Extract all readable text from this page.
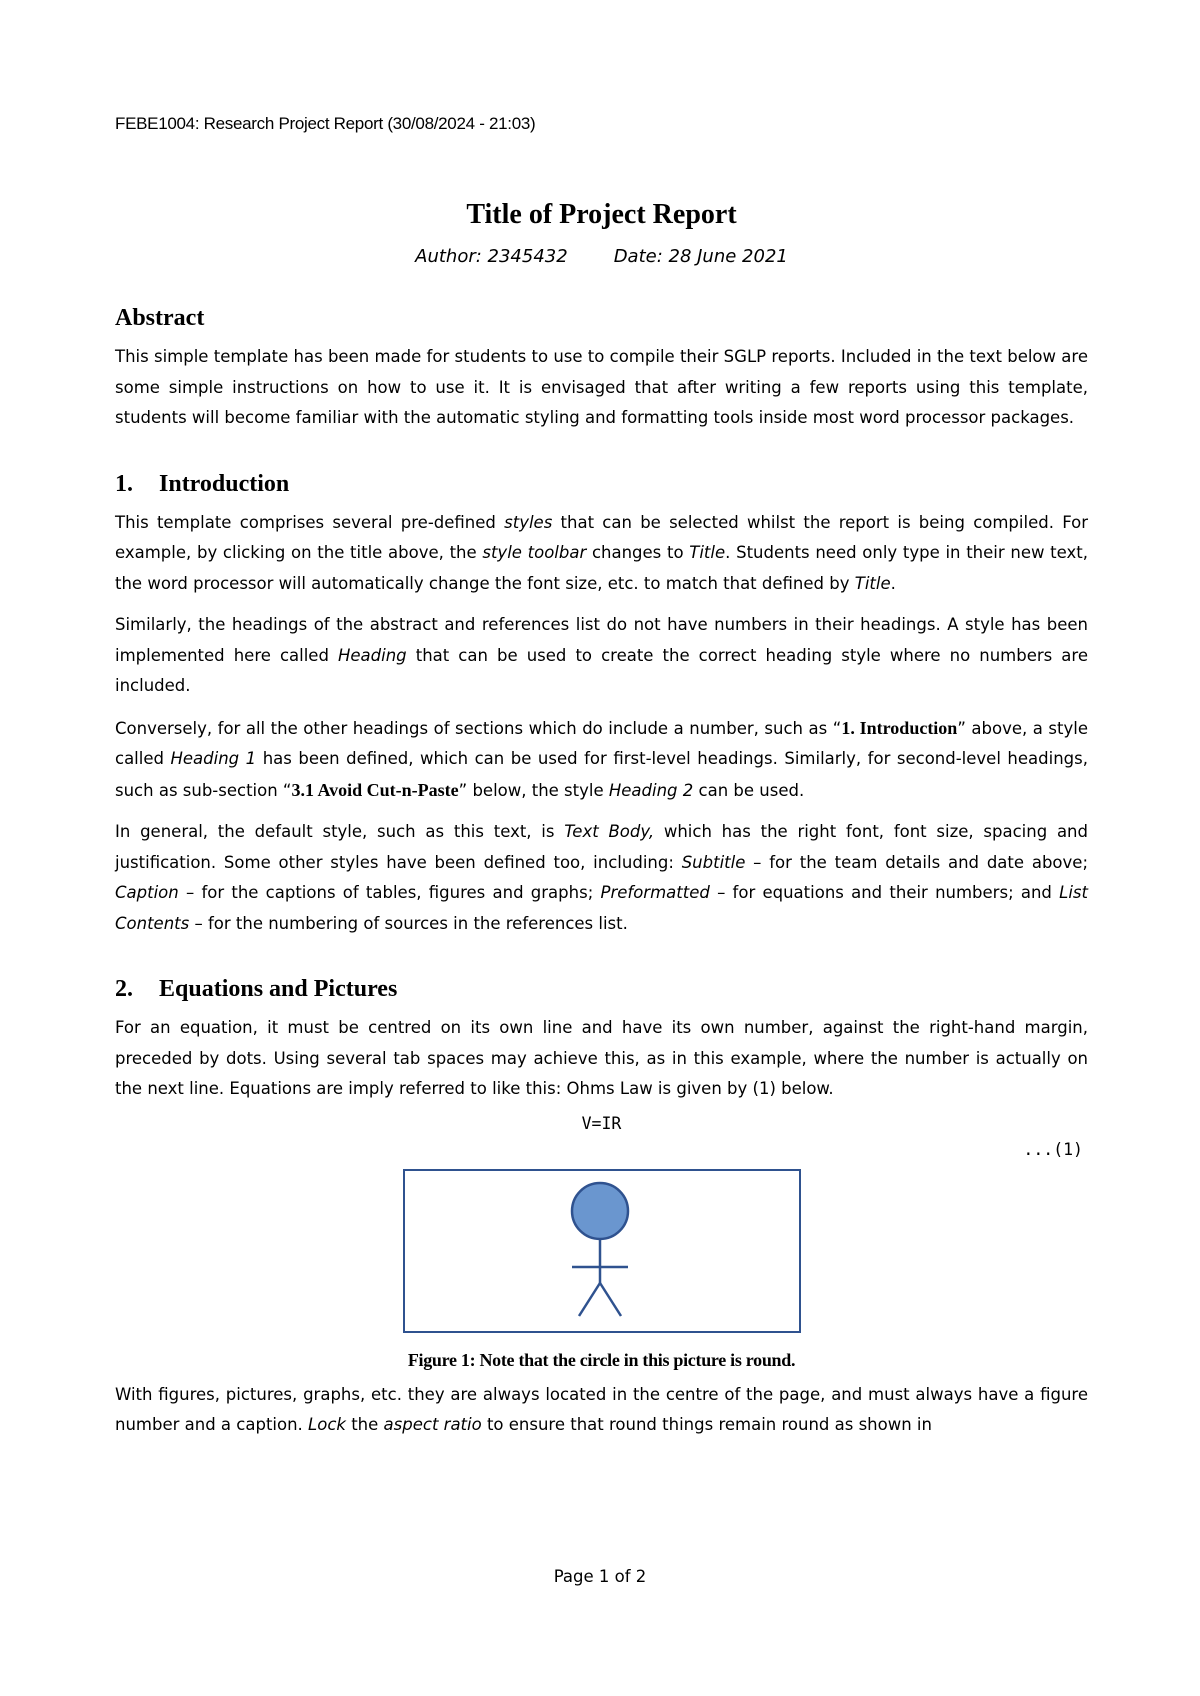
FEBE1004: Research Project Report (30/08/2024 - 21:03)
Title of Project Report
Author: 2345432	Date: 28 June 2021
Abstract

This simple template has been made for students to use to compile their SGLP reports. Included in the text below are some simple instructions on how to use it. It is envisaged that after writing a few reports using this template, students will become familiar with the automatic styling and formatting tools inside most word processor packages.

1. Introduction

This template comprises several pre-defined styles that can be selected whilst the report is being compiled. For example, by clicking on the title above, the style toolbar changes to Title. Students need only type in their new text, the word processor will automatically change the font size, etc. to match that defined by Title.

Similarly, the headings of the abstract and references list do not have numbers in their headings. A style has been implemented here called Heading that can be used to create the correct heading style where no numbers are included.

Conversely, for all the other headings of sections which do include a number, such as “1. Introduction” above, a style called Heading 1 has been defined, which can be used for first-level headings. Similarly, for second-level headings, such as sub-section “3.1 Avoid Cut-n-Paste” below, the style Heading 2 can be used.

In general, the default style, such as this text, is Text Body, which has the right font, font size, spacing and justification. Some other styles have been defined too, including: Subtitle – for the team details and date above; Caption – for the captions of tables, figures and graphs; Preformatted – for equations and their numbers; and List Contents – for the numbering of sources in the references list.

2. Equations and Pictures

For an equation, it must be centred on its own line and have its own number, against the right-hand margin, preceded by dots. Using several tab spaces may achieve this, as in this example, where the number is actually on the next line. Equations are imply referred to like this: Ohms Law is given by (1) below.

V=IR
...(1)
Figure 1: Note that the circle in this picture is round.

With figures, pictures, graphs, etc. they are always located in the centre of the page, and must always have a figure number and a caption. Lock the aspect ratio to ensure that round things remain round as shown in

Page 1 of 2
